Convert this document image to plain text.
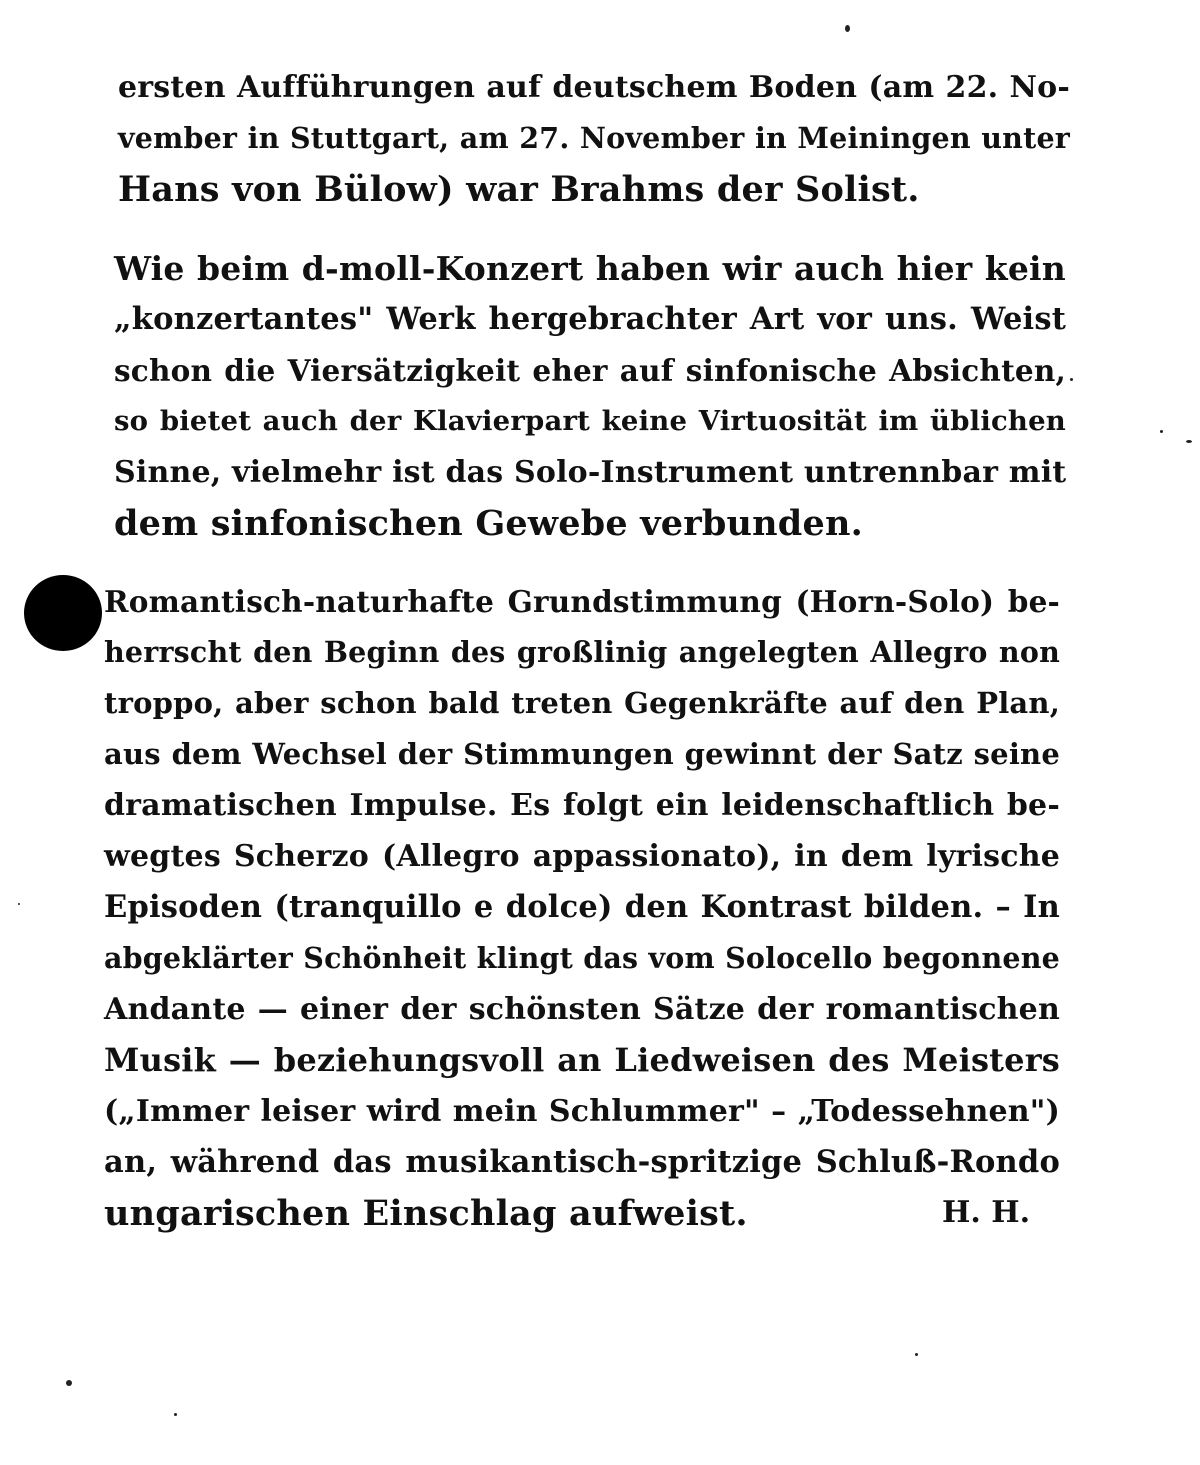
ersten Aufführungen auf deutschem Boden (am 22. No-
vember in Stuttgart, am 27. November in Meiningen unter
Hans von Bülow) war Brahms der Solist.
Wie beim d-moll-Konzert haben wir auch hier kein
„konzertantes" Werk hergebrachter Art vor uns. Weist
schon die Viersätzigkeit eher auf sinfonische Absichten,
so bietet auch der Klavierpart keine Virtuosität im üblichen
Sinne, vielmehr ist das Solo-Instrument untrennbar mit
dem sinfonischen Gewebe verbunden.
Romantisch-naturhafte Grundstimmung (Horn-Solo) be-
herrscht den Beginn des großlinig angelegten Allegro non
troppo, aber schon bald treten Gegenkräfte auf den Plan,
aus dem Wechsel der Stimmungen gewinnt der Satz seine
dramatischen Impulse. Es folgt ein leidenschaftlich be-
wegtes Scherzo (Allegro appassionato), in dem lyrische
Episoden (tranquillo e dolce) den Kontrast bilden. – In
abgeklärter Schönheit klingt das vom Solocello begonnene
Andante — einer der schönsten Sätze der romantischen
Musik — beziehungsvoll an Liedweisen des Meisters
(„Immer leiser wird mein Schlummer" – „Todessehnen")
an, während das musikantisch-spritzige Schluß-Rondo
ungarischen Einschlag aufweist.	H. H.
